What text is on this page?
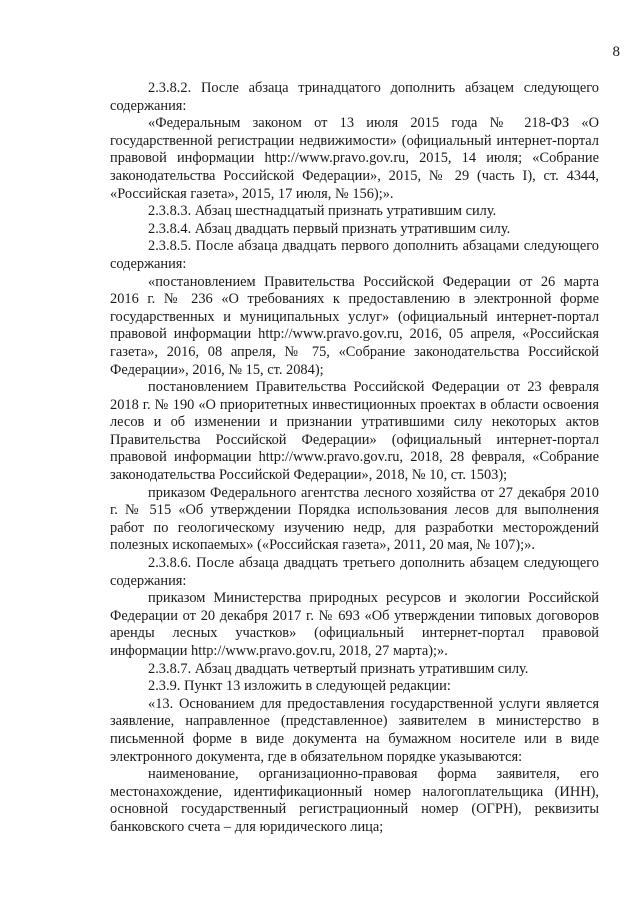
8

2.3.8.2. После абзаца тринадцатого дополнить абзацем следующего содержания:

«Федеральным законом от 13 июля 2015 года № 218-ФЗ «О государственной регистрации недвижимости» (официальный интернет-портал правовой информации http://www.pravo.gov.ru, 2015, 14 июля; «Собрание законодательства Российской Федерации», 2015, № 29 (часть I), ст. 4344, «Российская газета», 2015, 17 июля, № 156);».

2.3.8.3. Абзац шестнадцатый признать утратившим силу.

2.3.8.4. Абзац двадцать первый признать утратившим силу.

2.3.8.5. После абзаца двадцать первого дополнить абзацами следующего содержания:

«постановлением Правительства Российской Федерации от 26 марта 2016 г. № 236 «О требованиях к предоставлению в электронной форме государственных и муниципальных услуг» (официальный интернет-портал правовой информации http://www.pravo.gov.ru, 2016, 05 апреля, «Российская газета», 2016, 08 апреля, № 75, «Собрание законодательства Российской Федерации», 2016, № 15, ст. 2084);

постановлением Правительства Российской Федерации от 23 февраля 2018 г. № 190 «О приоритетных инвестиционных проектах в области освоения лесов и об изменении и признании утратившими силу некоторых актов Правительства Российской Федерации» (официальный интернет-портал правовой информации http://www.pravo.gov.ru, 2018, 28 февраля, «Собрание законодательства Российской Федерации», 2018, № 10, ст. 1503);

приказом Федерального агентства лесного хозяйства от 27 декабря 2010 г. № 515 «Об утверждении Порядка использования лесов для выполнения работ по геологическому изучению недр, для разработки месторождений полезных ископаемых» («Российская газета», 2011, 20 мая, № 107);».

2.3.8.6. После абзаца двадцать третьего дополнить абзацем следующего содержания:

приказом Министерства природных ресурсов и экологии Российской Федерации от 20 декабря 2017 г. № 693 «Об утверждении типовых договоров аренды лесных участков» (официальный интернет-портал правовой информации http://www.pravo.gov.ru, 2018, 27 марта);».

2.3.8.7. Абзац двадцать четвертый признать утратившим силу.

2.3.9. Пункт 13 изложить в следующей редакции:

«13. Основанием для предоставления государственной услуги является заявление, направленное (представленное) заявителем в министерство в письменной форме в виде документа на бумажном носителе или в виде электронного документа, где в обязательном порядке указываются:

наименование, организационно-правовая форма заявителя, его местонахождение, идентификационный номер налогоплательщика (ИНН), основной государственный регистрационный номер (ОГРН), реквизиты банковского счета – для юридического лица;
